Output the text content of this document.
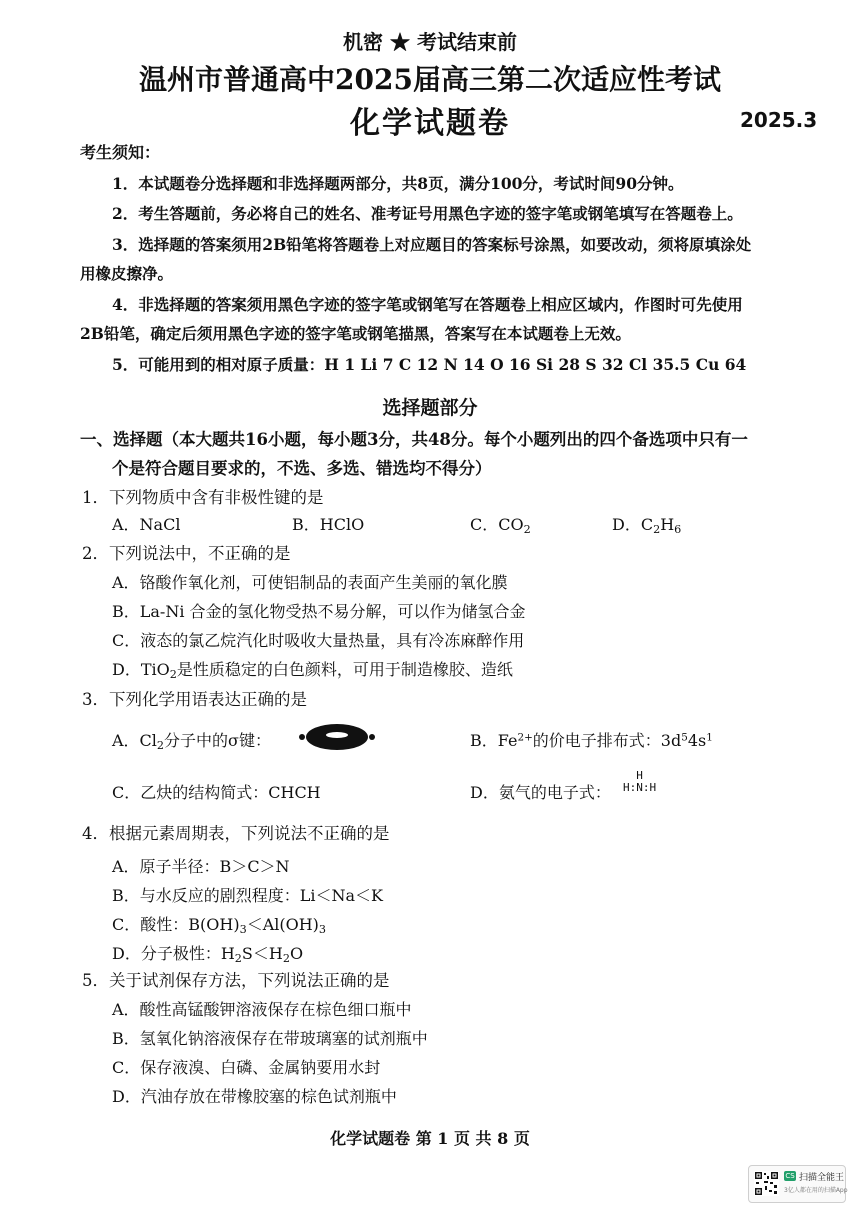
机密 ★ 考试结束前
温州市普通高中2025届高三第二次适应性考试
化学试题卷	2025.3
考生须知：
1．本试题卷分选择题和非选择题两部分，共8页，满分100分，考试时间90分钟。
2．考生答题前，务必将自己的姓名、准考证号用黑色字迹的签字笔或钢笔填写在答题卷上。
3．选择题的答案须用2B铅笔将答题卷上对应题目的答案标号涂黑，如要改动，须将原填涂处
用橡皮擦净。
4．非选择题的答案须用黑色字迹的签字笔或钢笔写在答题卷上相应区域内，作图时可先使用
2B铅笔，确定后须用黑色字迹的签字笔或钢笔描黑，答案写在本试题卷上无效。
5．可能用到的相对原子质量：H 1 Li 7 C 12 N 14 O 16 Si 28 S 32 Cl 35.5 Cu 64
选择题部分
一、选择题（本大题共16小题，每小题3分，共48分。每个小题列出的四个备选项中只有一
个是符合题目要求的，不选、多选、错选均不得分）
1．下列物质中含有非极性键的是
A．NaCl	B．HClO	C．$CO_2$	D．$C_2H_6$
2．下列说法中，不正确的是
A．铬酸作氧化剂，可使铝制品的表面产生美丽的氧化膜
B．La-Ni 合金的氢化物受热不易分解，可以作为储氢合金
C．液态的氯乙烷汽化时吸收大量热量，具有冷冻麻醉作用
D．TiO$_2$是性质稳定的白色颜料，可用于制造橡胶、造纸
3．下列化学用语表达正确的是
A．$Cl_2$分子中的σ键：	B．$Fe^{2+}$的价电子排布式：$3d^54s^1$
C．乙炔的结构简式：CHCH	D．氨气的电子式：
H
H:N:H
4．根据元素周期表，下列说法不正确的是
A．原子半径：B＞C＞N
B．与水反应的剧烈程度：Li＜Na＜K
C．酸性：$B(OH)_3<Al(OH)_3$
D．分子极性：$H_2S<H_2O$
5．关于试剂保存方法，下列说法正确的是
A．酸性高锰酸钾溶液保存在棕色细口瓶中
B．氢氧化钠溶液保存在带玻璃塞的试剂瓶中
C．保存液溴、白磷、金属钠要用水封
D．汽油存放在带橡胶塞的棕色试剂瓶中
化学试题卷 第 1 页 共 8 页
CS 扫描全能王
3亿人都在用的扫描App
